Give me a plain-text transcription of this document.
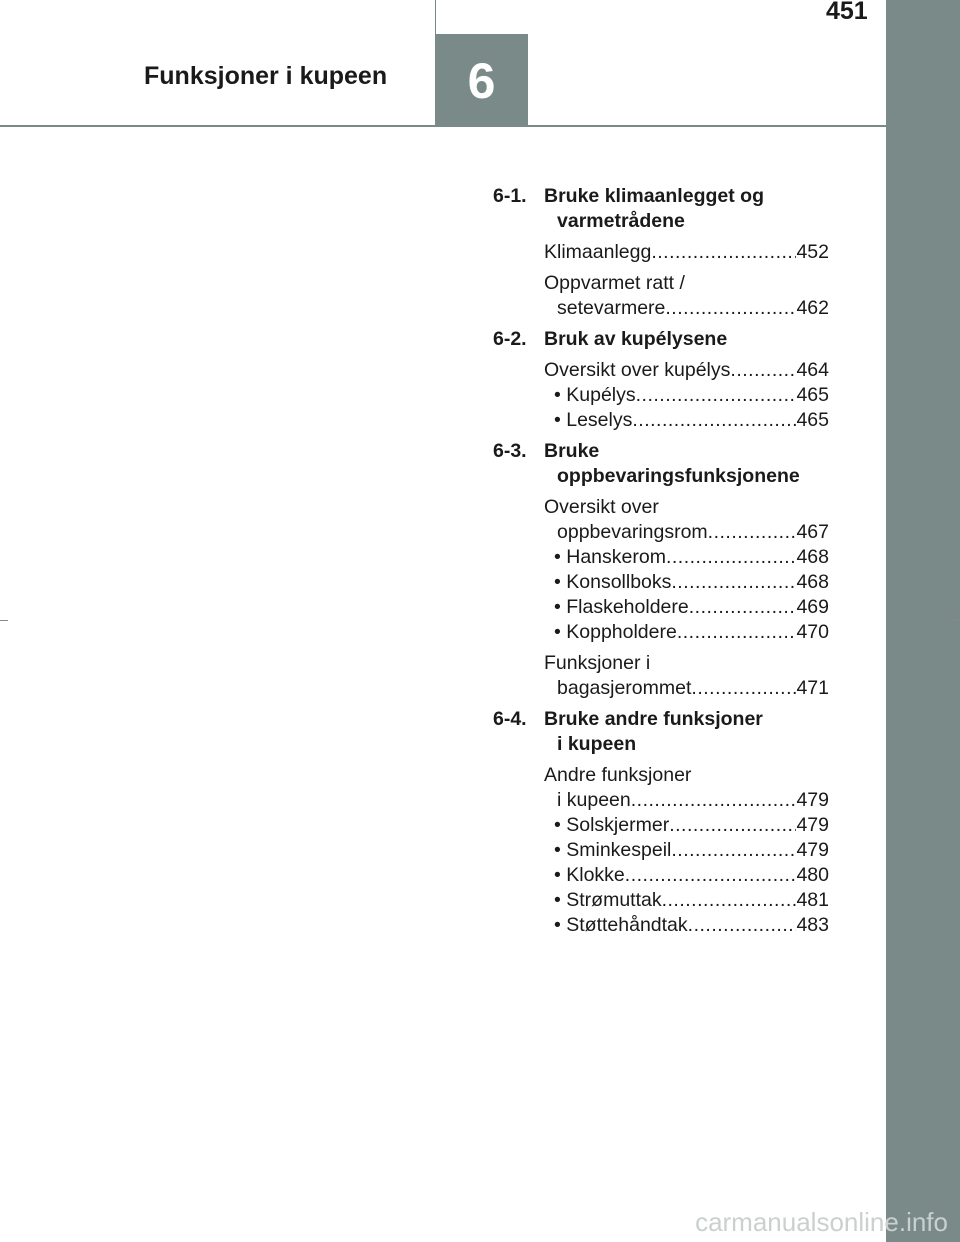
451
Funksjoner i kupeen 6
6-1. Bruke klimaanlegget og
varmetrådene
Klimaanlegg .....	452
Oppvarmet ratt /
setevarmere .....	462
6-2. Bruk av kupélysene
Oversikt over kupélys .....	464
• Kupélys .....	465
• Leselys .....	465
6-3. Bruke
oppbevaringsfunksjonene
Oversikt over
oppbevaringsrom .....	467
• Hanskerom .....	468
• Konsollboks .....	468
• Flaskeholdere .....	469
• Koppholdere .....	470
Funksjoner i
bagasjerommet .....	471
6-4. Bruke andre funksjoner
i kupeen
Andre funksjoner
i kupeen .....	479
• Solskjermer .....	479
• Sminkespeil .....	479
• Klokke .....	480
• Strømuttak .....	481
• Støttehåndtak .....	483
carmanualsonline.info
